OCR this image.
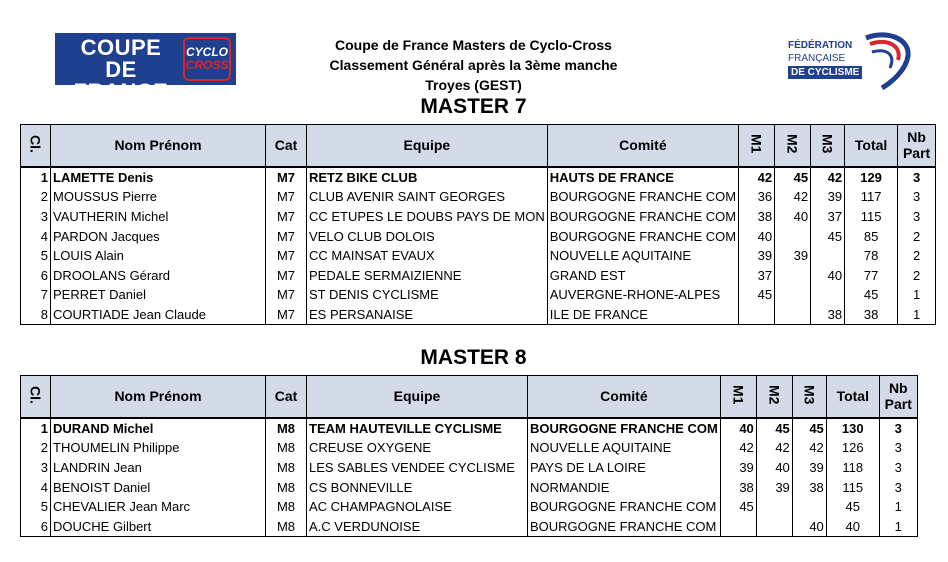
COUPE DE
FRANCE
CYCLO
CROSS
Coupe de France Masters de Cyclo-Cross
Classement Général après la 3ème manche
Troyes (GEST)
FÉDÉRATION
FRANÇAISE
DE CYCLISME
MASTER 7
Cl.	Nom Prénom	Cat	Equipe	Comité	M1	M2	M3	Total	Nb
Part

1	LAMETTE Denis	M7	RETZ BIKE CLUB	HAUTS DE FRANCE	42	45	42	129	3
2	MOUSSUS Pierre	M7	CLUB AVENIR SAINT GEORGES	BOURGOGNE FRANCHE COM	36	42	39	117	3
3	VAUTHERIN Michel	M7	CC ETUPES LE DOUBS PAYS DE MON	BOURGOGNE FRANCHE COM	38	40	37	115	3
4	PARDON Jacques	M7	VELO CLUB DOLOIS	BOURGOGNE FRANCHE COM	40		45	85	2
5	LOUIS Alain	M7	CC MAINSAT EVAUX	NOUVELLE AQUITAINE	39	39		78	2
6	DROOLANS Gérard	M7	PEDALE SERMAIZIENNE	GRAND EST	37		40	77	2
7	PERRET Daniel	M7	ST DENIS CYCLISME	AUVERGNE-RHONE-ALPES	45			45	1
8	COURTIADE Jean Claude	M7	ES PERSANAISE	ILE DE FRANCE			38	38	1
MASTER 8
Cl.	Nom Prénom	Cat	Equipe	Comité	M1	M2	M3	Total	Nb
Part

1	DURAND Michel	M8	TEAM HAUTEVILLE CYCLISME	BOURGOGNE FRANCHE COM	40	45	45	130	3
2	THOUMELIN Philippe	M8	CREUSE OXYGENE	NOUVELLE AQUITAINE	42	42	42	126	3
3	LANDRIN Jean	M8	LES SABLES VENDEE CYCLISME	PAYS DE LA LOIRE	39	40	39	118	3
4	BENOIST Daniel	M8	CS BONNEVILLE	NORMANDIE	38	39	38	115	3
5	CHEVALIER Jean Marc	M8	AC CHAMPAGNOLAISE	BOURGOGNE FRANCHE COM	45			45	1
6	DOUCHE Gilbert	M8	A.C VERDUNOISE	BOURGOGNE FRANCHE COM			40	40	1
